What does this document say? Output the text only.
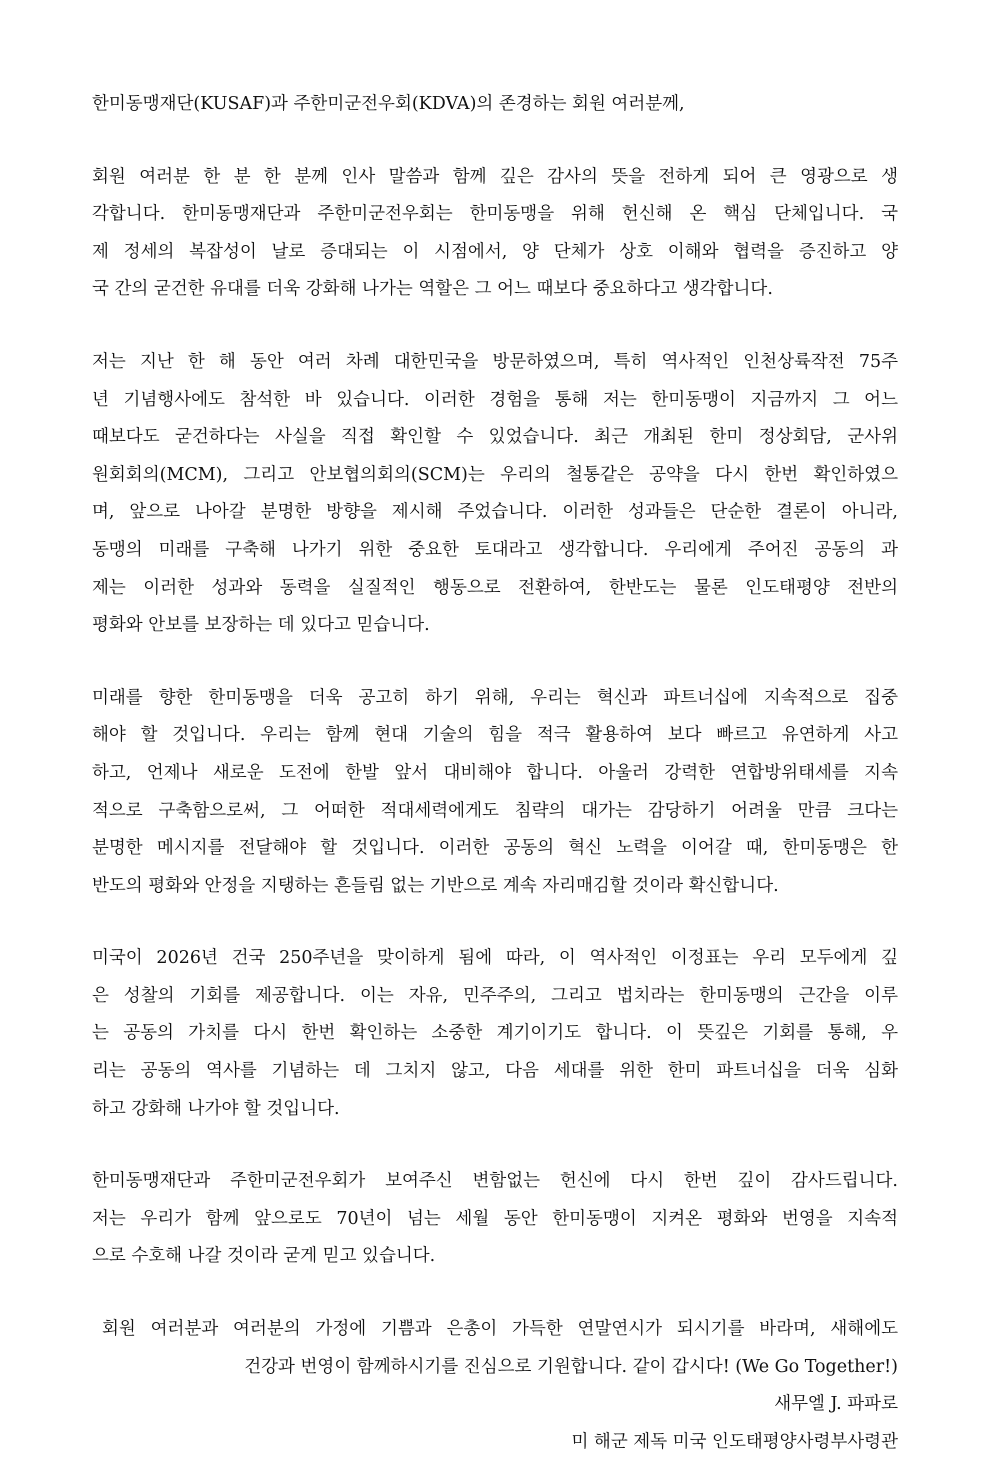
한미동맹재단(KUSAF)과 주한미군전우회(KDVA)의 존경하는 회원 여러분께,
회원 여러분 한 분 한 분께 인사 말씀과 함께 깊은 감사의 뜻을 전하게 되어 큰 영광으로 생
각합니다. 한미동맹재단과 주한미군전우회는 한미동맹을 위해 헌신해 온 핵심 단체입니다. 국
제 정세의 복잡성이 날로 증대되는 이 시점에서, 양 단체가 상호 이해와 협력을 증진하고 양
국 간의 굳건한 유대를 더욱 강화해 나가는 역할은 그 어느 때보다 중요하다고 생각합니다.
저는 지난 한 해 동안 여러 차례 대한민국을 방문하였으며, 특히 역사적인 인천상륙작전 75주
년 기념행사에도 참석한 바 있습니다. 이러한 경험을 통해 저는 한미동맹이 지금까지 그 어느
때보다도 굳건하다는 사실을 직접 확인할 수 있었습니다. 최근 개최된 한미 정상회담, 군사위
원회회의(MCM), 그리고 안보협의회의(SCM)는 우리의 철통같은 공약을 다시 한번 확인하였으
며, 앞으로 나아갈 분명한 방향을 제시해 주었습니다. 이러한 성과들은 단순한 결론이 아니라,
동맹의 미래를 구축해 나가기 위한 중요한 토대라고 생각합니다. 우리에게 주어진 공동의 과
제는 이러한 성과와 동력을 실질적인 행동으로 전환하여, 한반도는 물론 인도태평양 전반의
평화와 안보를 보장하는 데 있다고 믿습니다.
미래를 향한 한미동맹을 더욱 공고히 하기 위해, 우리는 혁신과 파트너십에 지속적으로 집중
해야 할 것입니다. 우리는 함께 현대 기술의 힘을 적극 활용하여 보다 빠르고 유연하게 사고
하고, 언제나 새로운 도전에 한발 앞서 대비해야 합니다. 아울러 강력한 연합방위태세를 지속
적으로 구축함으로써, 그 어떠한 적대세력에게도 침략의 대가는 감당하기 어려울 만큼 크다는
분명한 메시지를 전달해야 할 것입니다. 이러한 공동의 혁신 노력을 이어갈 때, 한미동맹은 한
반도의 평화와 안정을 지탱하는 흔들림 없는 기반으로 계속 자리매김할 것이라 확신합니다.
미국이 2026년 건국 250주년을 맞이하게 됨에 따라, 이 역사적인 이정표는 우리 모두에게 깊
은 성찰의 기회를 제공합니다. 이는 자유, 민주주의, 그리고 법치라는 한미동맹의 근간을 이루
는 공동의 가치를 다시 한번 확인하는 소중한 계기이기도 합니다. 이 뜻깊은 기회를 통해, 우
리는 공동의 역사를 기념하는 데 그치지 않고, 다음 세대를 위한 한미 파트너십을 더욱 심화
하고 강화해 나가야 할 것입니다.
한미동맹재단과 주한미군전우회가 보여주신 변함없는 헌신에 다시 한번 깊이 감사드립니다.
저는 우리가 함께 앞으로도 70년이 넘는 세월 동안 한미동맹이 지켜온 평화와 번영을 지속적
으로 수호해 나갈 것이라 굳게 믿고 있습니다.
회원 여러분과 여러분의 가정에 기쁨과 은총이 가득한 연말연시가 되시기를 바라며, 새해에도
건강과 번영이 함께하시기를 진심으로 기원합니다. 같이 갑시다! (We Go Together!)
새무엘 J. 파파로
미 해군 제독 미국 인도태평양사령부사령관
